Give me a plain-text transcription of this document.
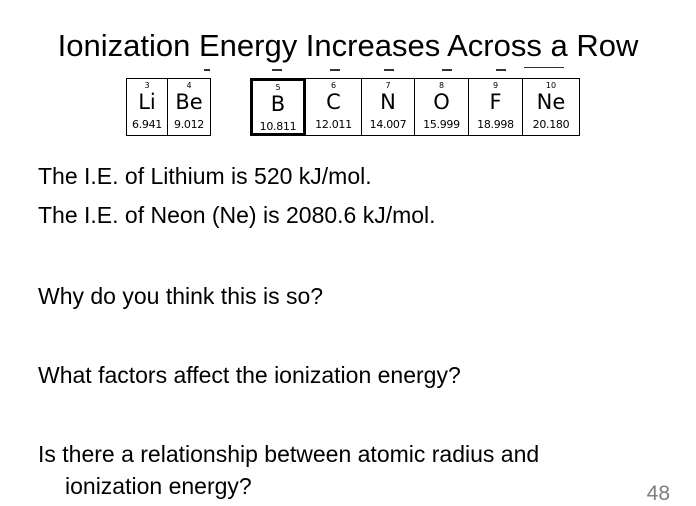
Ionization Energy Increases Across a Row
3
Li
6.941
4
Be
9.012
5
B
10.811
6
C
12.011
7
N
14.007
8
O
15.999
9
F
18.998
10
Ne
20.180
The I.E. of Lithium is 520 kJ/mol.
The I.E. of Neon (Ne) is 2080.6 kJ/mol.
Why do you think this is so?
What factors affect the ionization energy?
Is there a relationship between atomic radius and
ionization energy?	48
